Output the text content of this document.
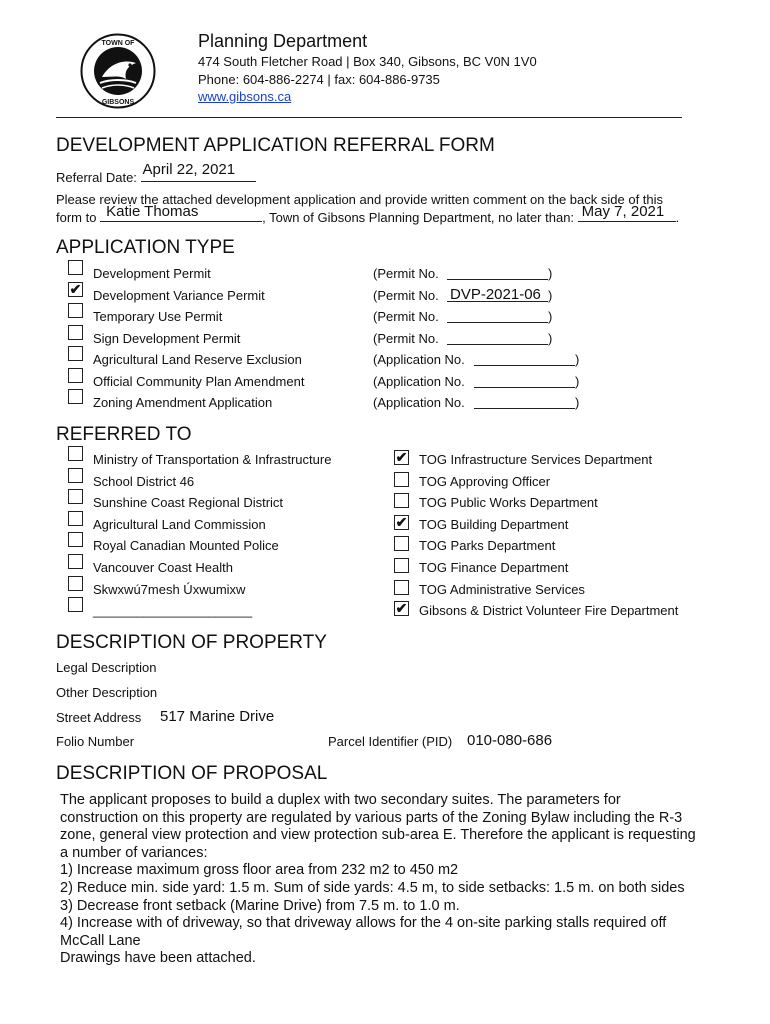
TOWN OF
GIBSONS
Planning Department
474 South Fletcher Road | Box 340, Gibsons, BC V0N 1V0
Phone: 604-886-2274 | fax: 604-886-9735
www.gibsons.ca
DEVELOPMENT APPLICATION REFERRAL FORM
Referral Date: April 22, 2021
Please review the attached development application and provide written comment on the back side of this
form to Katie Thomas	, Town of Gibsons Planning Department, no later than: May 7, 2021 .
APPLICATION TYPE
Development Permit	(Permit No.	)
✔ Development Variance Permit	(Permit No. DVP-2021-06 )
Temporary Use Permit	(Permit No.	)
Sign Development Permit	(Permit No.	)
Agricultural Land Reserve Exclusion	(Application No.	)
Official Community Plan Amendment	(Application No.	)
Zoning Amendment Application	(Application No.	)
REFERRED TO
Ministry of Transportation & Infrastructure
School District 46
Sunshine Coast Regional District
Agricultural Land Commission
Royal Canadian Mounted Police
Vancouver Coast Health
Skwxwú7mesh Úxwumixw
______________________
✔ TOG Infrastructure Services Department
TOG Approving Officer
TOG Public Works Department
✔ TOG Building Department
TOG Parks Department
TOG Finance Department
TOG Administrative Services
✔ Gibsons & District Volunteer Fire Department
DESCRIPTION OF PROPERTY
Legal Description
Other Description
Street Address 517 Marine Drive
Folio Number	Parcel Identifier (PID) 010-080-686
DESCRIPTION OF PROPOSAL
The applicant proposes to build a duplex with two secondary suites. The parameters for
construction on this property are regulated by various parts of the Zoning Bylaw including the R-3
zone, general view protection and view protection sub-area E. Therefore the applicant is requesting
a number of variances:
1) Increase maximum gross floor area from 232 m2 to 450 m2
2) Reduce min. side yard: 1.5 m. Sum of side yards: 4.5 m, to side setbacks: 1.5 m. on both sides
3) Decrease front setback (Marine Drive) from 7.5 m. to 1.0 m.
4) Increase with of driveway, so that driveway allows for the 4 on-site parking stalls required off
McCall Lane
Drawings have been attached.
